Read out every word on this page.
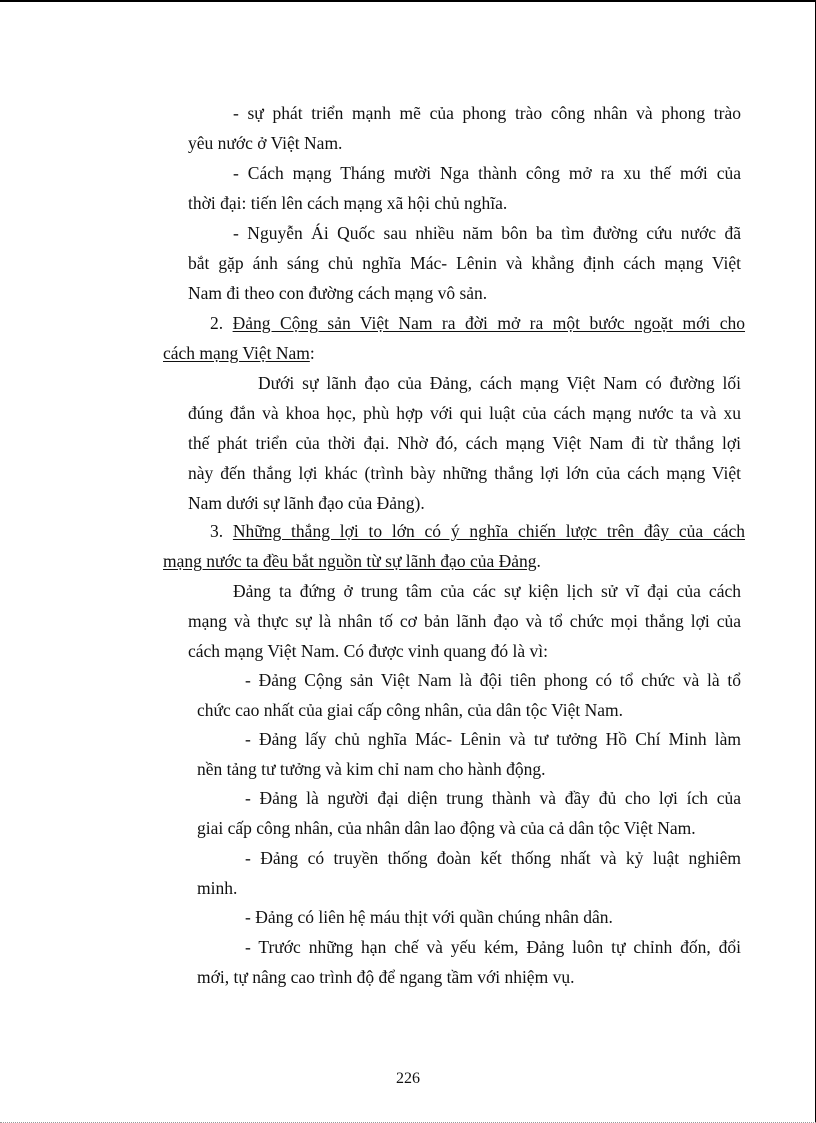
- sự phát triển mạnh mẽ của phong trào công nhân và phong trào
yêu nước ở Việt Nam.
- Cách mạng Tháng mười Nga thành công mở ra xu thế mới của
thời đại: tiến lên cách mạng xã hội chủ nghĩa.
- Nguyễn Ái Quốc sau nhiều năm bôn ba tìm đường cứu nước đã
bắt gặp ánh sáng chủ nghĩa Mác- Lênin và khẳng định cách mạng Việt
Nam đi theo con đường cách mạng vô sản.
2. Đảng Cộng sản Việt Nam ra đời mở ra một bước ngoặt mới cho
cách mạng Việt Nam:
Dưới sự lãnh đạo của Đảng, cách mạng Việt Nam có đường lối
đúng đắn và khoa học, phù hợp với qui luật của cách mạng nước ta và xu
thế phát triển của thời đại. Nhờ đó, cách mạng Việt Nam đi từ thắng lợi
này đến thắng lợi khác (trình bày những thắng lợi lớn của cách mạng Việt
Nam dưới sự lãnh đạo của Đảng).
3. Những thắng lợi to lớn có ý nghĩa chiến lược trên đây của cách
mạng nước ta đều bắt nguồn từ sự lãnh đạo của Đảng.
Đảng ta đứng ở trung tâm của các sự kiện lịch sử vĩ đại của cách
mạng và thực sự là nhân tố cơ bản lãnh đạo và tổ chức mọi thắng lợi của
cách mạng Việt Nam. Có được vinh quang đó là vì:
- Đảng Cộng sản Việt Nam là đội tiên phong có tổ chức và là tổ
chức cao nhất của giai cấp công nhân, của dân tộc Việt Nam.
- Đảng lấy chủ nghĩa Mác- Lênin và tư tưởng Hồ Chí Minh làm
nền tảng tư tưởng và kim chỉ nam cho hành động.
- Đảng là người đại diện trung thành và đầy đủ cho lợi ích của
giai cấp công nhân, của nhân dân lao động và của cả dân tộc Việt Nam.
- Đảng có truyền thống đoàn kết thống nhất và kỷ luật nghiêm
minh.
- Đảng có liên hệ máu thịt với quần chúng nhân dân.
- Trước những hạn chế và yếu kém, Đảng luôn tự chỉnh đốn, đổi
mới, tự nâng cao trình độ để ngang tầm với nhiệm vụ.
226
